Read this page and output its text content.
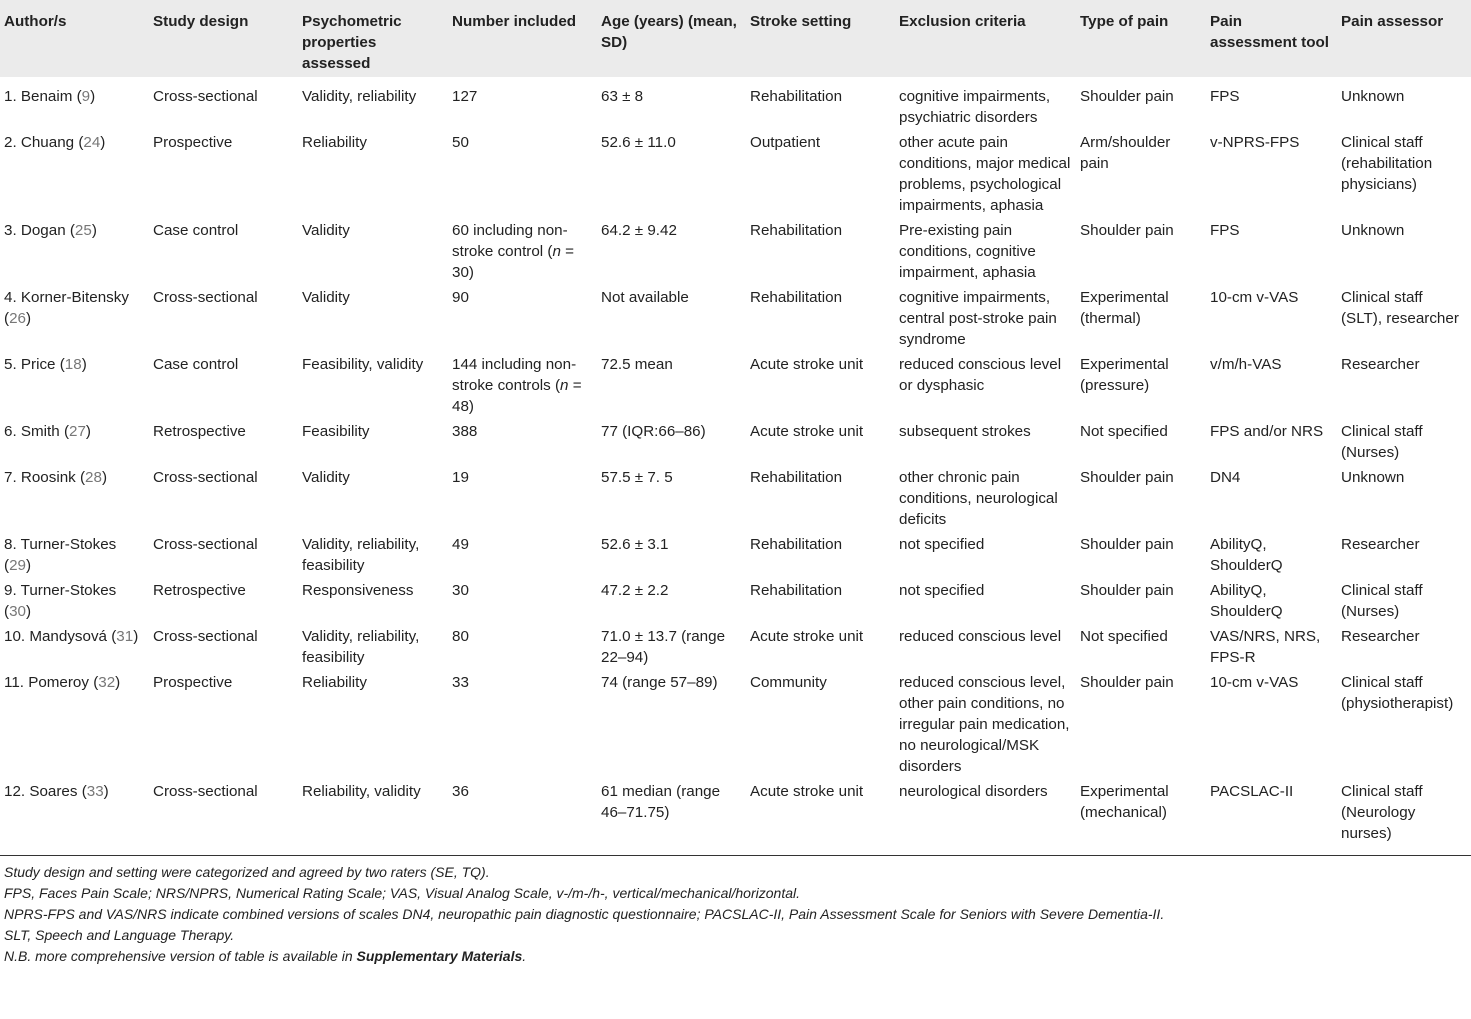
Author/s	Study design	Psychometric properties assessed	Number included	Age (years) (mean, SD)	Stroke setting	Exclusion criteria	Type of pain	Pain assessment tool	Pain assessor
1. Benaim (9)	Cross-sectional	Validity, reliability	127	63 ± 8	Rehabilitation	cognitive impairments, psychiatric disorders	Shoulder pain	FPS	Unknown
2. Chuang (24)	Prospective	Reliability	50	52.6 ± 11.0	Outpatient	other acute pain conditions, major medical problems, psychological impairments, aphasia	Arm/shoulder pain	v-NPRS-FPS	Clinical staff (rehabilitation physicians)
3. Dogan (25)	Case control	Validity	60 including non-stroke control (n = 30)	64.2 ± 9.42	Rehabilitation	Pre-existing pain conditions, cognitive impairment, aphasia	Shoulder pain	FPS	Unknown
4. Korner-Bitensky (26)	Cross-sectional	Validity	90	Not available	Rehabilitation	cognitive impairments, central post-stroke pain syndrome	Experimental (thermal)	10-cm v-VAS	Clinical staff (SLT), researcher
5. Price (18)	Case control	Feasibility, validity	144 including non-stroke controls (n = 48)	72.5 mean	Acute stroke unit	reduced conscious level or dysphasic	Experimental (pressure)	v/m/h-VAS	Researcher
6. Smith (27)	Retrospective	Feasibility	388	77 (IQR:66–86)	Acute stroke unit	subsequent strokes	Not specified	FPS and/or NRS	Clinical staff (Nurses)
7. Roosink (28)	Cross-sectional	Validity	19	57.5 ± 7. 5	Rehabilitation	other chronic pain conditions, neurological deficits	Shoulder pain	DN4	Unknown
8. Turner-Stokes (29)	Cross-sectional	Validity, reliability, feasibility	49	52.6 ± 3.1	Rehabilitation	not specified	Shoulder pain	AbilityQ, ShoulderQ	Researcher
9. Turner-Stokes (30)	Retrospective	Responsiveness	30	47.2 ± 2.2	Rehabilitation	not specified	Shoulder pain	AbilityQ, ShoulderQ	Clinical staff (Nurses)
10. Mandysová (31)	Cross-sectional	Validity, reliability, feasibility	80	71.0 ± 13.7 (range 22–94)	Acute stroke unit	reduced conscious level	Not specified	VAS/NRS, NRS, FPS-R	Researcher
11. Pomeroy (32)	Prospective	Reliability	33	74 (range 57–89)	Community	reduced conscious level, other pain conditions, no irregular pain medication, no neurological/MSK disorders	Shoulder pain	10-cm v-VAS	Clinical staff (physiotherapist)
12. Soares (33)	Cross-sectional	Reliability, validity	36	61 median (range 46–71.75)	Acute stroke unit	neurological disorders	Experimental (mechanical)	PACSLAC-II	Clinical staff (Neurology nurses)
Study design and setting were categorized and agreed by two raters (SE, TQ).
FPS, Faces Pain Scale; NRS/NPRS, Numerical Rating Scale; VAS, Visual Analog Scale, v-/m-/h-, vertical/mechanical/horizontal.
NPRS-FPS and VAS/NRS indicate combined versions of scales DN4, neuropathic pain diagnostic questionnaire; PACSLAC-II, Pain Assessment Scale for Seniors with Severe Dementia-II.
SLT, Speech and Language Therapy.
N.B. more comprehensive version of table is available in Supplementary Materials.
